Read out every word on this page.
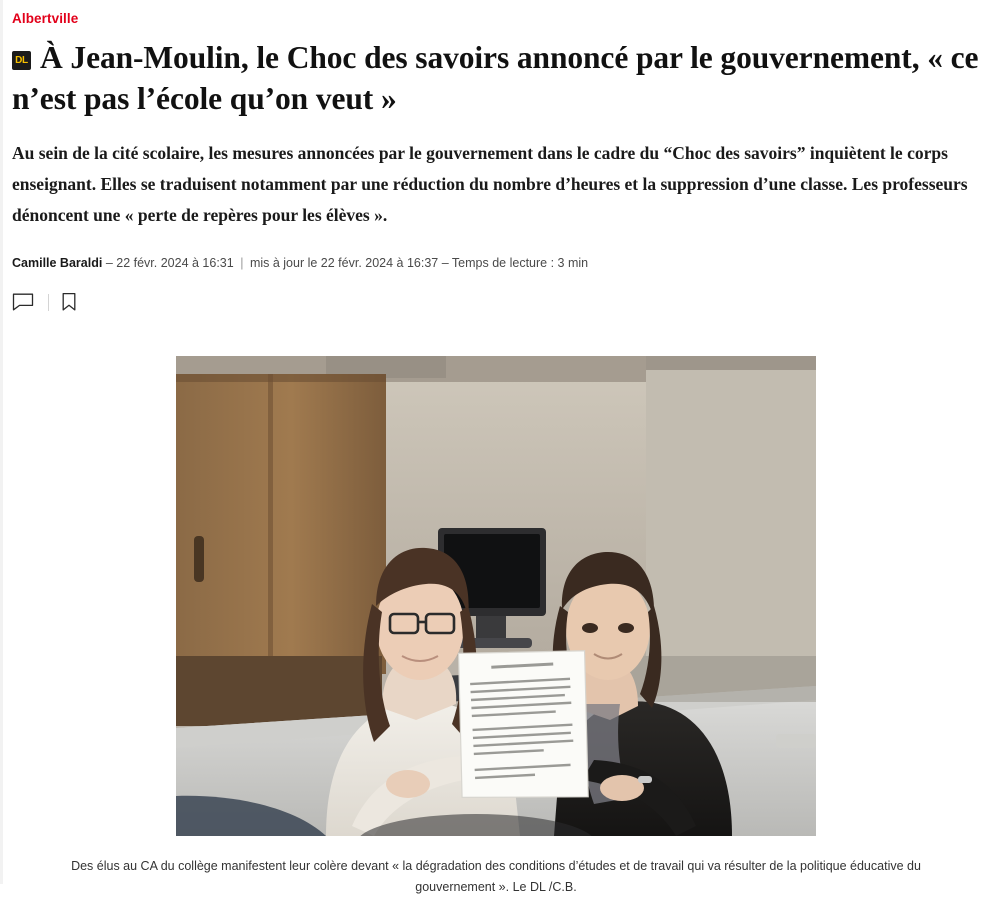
Albertville
DL À Jean-Moulin, le Choc des savoirs annoncé par le gouvernement, « ce n’est pas l’école qu’on veut »
Au sein de la cité scolaire, les mesures annoncées par le gouvernement dans le cadre du “Choc des savoirs” inquiètent le corps enseignant. Elles se traduisent notamment par une réduction du nombre d’heures et la suppression d’une classe. Les professeurs dénoncent une « perte de repères pour les élèves ».
Camille Baraldi – 22 févr. 2024 à 16:31 | mis à jour le 22 févr. 2024 à 16:37 – Temps de lecture : 3 min
Des élus au CA du collège manifestent leur colère devant « la dégradation des conditions d’études et de travail qui va résulter de la politique éducative du gouvernement ». Le DL /C.B.
